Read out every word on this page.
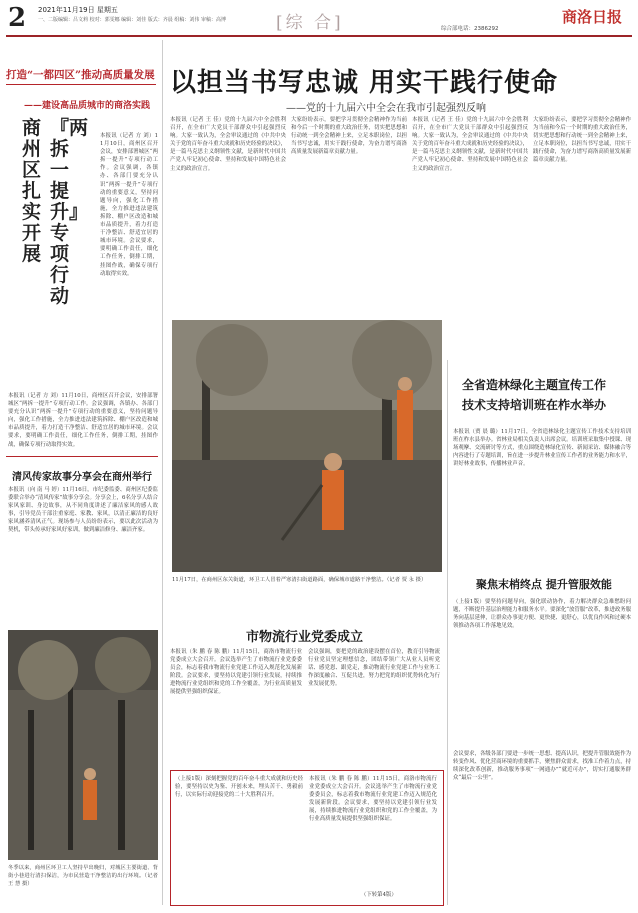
2 2021年11月19日 星期五
一、二版编辑：吕文莉 校对：郭雯娜 编辑：刘佳 版式：齐晨 组稿：刘伟 审稿：高博	[综 合]	综合部电话：2386292
商洛日报
打造“一都四区”推动高质量发展
——建设高品质城市的商洛实践
商州区扎实开展
『两拆一提升』专项行动
本报讯（记者 方 刘）11月10日，商州区召开会议，安排部署城区“两拆一提升”专项行动工作。会议强调，各镇办、各部门要充分认识“两拆一提升”专项行动的重要意义，坚持问题导向，强化工作措施，全力推进违法建筑拆除、棚户区改造和城市品质提升，着力打造干净整洁、舒适宜居的城市环境。会议要求，要明确工作责任，细化工作任务，倒排工期，挂图作战，确保专项行动取得实效。
本报讯（记者 方 刘）11月10日，商州区召开会议，安排部署城区“两拆一提升”专项行动工作。会议强调，各镇办、各部门要充分认识“两拆一提升”专项行动的重要意义，坚持问题导向，强化工作措施，全力推进违法建筑拆除、棚户区改造和城市品质提升，着力打造干净整洁、舒适宜居的城市环境。会议要求，要明确工作责任，细化工作任务，倒排工期，挂图作战，确保专项行动取得实效。
清风传家故事分享会在商州举行
本报讯（向 南 马 婷）11月16日，市纪委监委、商州区纪委监委联合举办“清风传家”故事分享会。分享会上，6名分享人结合家风家训、身边故事，从不同角度讲述了廉洁家风的感人故事，引导党员干部注重家庭、家教、家风，以清正廉洁的良好家风涵养清风正气。现场参与人员纷纷表示，要以此次活动为契机，带头传承好家风好家训，做到廉洁修身、廉洁齐家。
冬季以来，商州区环卫工人坚持早出晚归，对城区主要街道、背街小巷进行清扫保洁，为市民营造干净整洁的出行环境。（记者 王 慧 摄）
以担当书写忠诚 用实干践行使命
——党的十九届六中全会在我市引起强烈反响
本报讯（记者 王 佳）党的十九届六中全会胜利召开，在全市广大党员干部群众中引起强烈反响。大家一致认为，全会审议通过的《中共中央关于党的百年奋斗重大成就和历史经验的决议》，是一篇马克思主义纲领性文献，是新时代中国共产党人牢记初心使命、坚持和发展中国特色社会主义的政治宣言。
大家纷纷表示，要把学习贯彻全会精神作为当前和今后一个时期的重大政治任务，切实把思想和行动统一到全会精神上来，立足本职岗位，以担当书写忠诚，用实干践行使命，为奋力谱写商洛高质量发展新篇章贡献力量。
本报讯（记者 王 佳）党的十九届六中全会胜利召开，在全市广大党员干部群众中引起强烈反响。大家一致认为，全会审议通过的《中共中央关于党的百年奋斗重大成就和历史经验的决议》，是一篇马克思主义纲领性文献，是新时代中国共产党人牢记初心使命、坚持和发展中国特色社会主义的政治宣言。
大家纷纷表示，要把学习贯彻全会精神作为当前和今后一个时期的重大政治任务，切实把思想和行动统一到全会精神上来，立足本职岗位，以担当书写忠诚，用实干践行使命，为奋力谱写商洛高质量发展新篇章贡献力量。
11月17日，在商州区东关街道，环卫工人冒着严寒清扫街道路面，确保城市道路干净整洁。（记者 贾 永 摄）
市物流行业党委成立
本报讯（朱 鹏 春 陈 鹏）11月15日，商洛市物流行业党委成立大会召开。会议选举产生了市物流行业党委委员会，标志着我市物流行业党建工作迈入规范化发展新阶段。会议要求，要坚持以党建引领行业发展，持续推进物流行业党组织和党的工作全覆盖，为行业高质量发展提供坚强组织保证。
会议强调，要把党的政治建设摆在首位，教育引导物流行业党员坚定理想信念，团结带领广大从业人员听党话、感党恩、跟党走，推动物流行业党建工作与业务工作深度融合、互促共进，努力把党的组织优势转化为行业发展优势。
（上接1版）深刻把握党的百年奋斗重大成就和历史经验，要坚持以史为鉴、开创未来，埋头苦干、勇毅前行，以实际行动迎接党的二十大胜利召开。
本报讯（朱 鹏 春 陈 鹏）11月15日，商洛市物流行业党委成立大会召开。会议选举产生了市物流行业党委委员会，标志着我市物流行业党建工作迈入规范化发展新阶段。会议要求，要坚持以党建引领行业发展，持续推进物流行业党组织和党的工作全覆盖，为行业高质量发展提供坚强组织保证。
（下转第4版）
全省造林绿化主题宣传工作
技术支持培训班在柞水举办
本报讯（贾 晨 璐）11月17日，全省造林绿化主题宣传工作技术支持培训班在柞水县举办。省林业局相关负责人出席会议。培训班采取集中授课、现场观摩、交流研讨等方式，重点围绕造林绿化宣传、新闻采访、媒体融合等内容进行了专题培训，旨在进一步提升林业宣传工作者的业务能力和水平，讲好林业故事，传播林业声音。
聚焦末梢终点 提升管服效能
（上接1版）要坚持问题导向，强化联动协作，着力解决群众急难愁盼问题，不断提升基层治理能力和服务水平。要深化“放管服”改革，推进政务服务向基层延伸，让群众办事更方便、更快捷、更舒心，以优良作风和过硬本领推动各项工作落地见效。
会议要求，各级各部门要进一步统一思想、提高认识，把提升管服效能作为转变作风、优化营商环境的重要抓手，聚焦群众需求，找准工作着力点，持续深化改革创新，推动服务事项“一网通办”“就近可办”，切实打通服务群众“最后一公里”。
